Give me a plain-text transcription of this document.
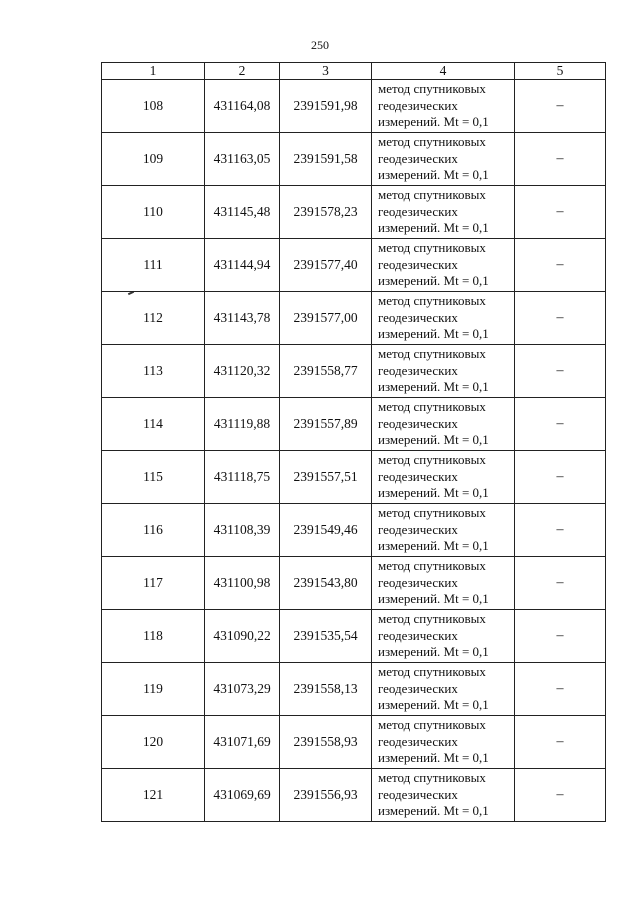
250
1	2	3	4	5
108	431164,08	2391591,98	метод спутниковых
геодезических
измерений. Mt = 0,1	–
109	431163,05	2391591,58	метод спутниковых
геодезических
измерений. Mt = 0,1	–
110	431145,48	2391578,23	метод спутниковых
геодезических
измерений. Mt = 0,1	–
111	431144,94	2391577,40	метод спутниковых
геодезических
измерений. Mt = 0,1	–
112	431143,78	2391577,00	метод спутниковых
геодезических
измерений. Mt = 0,1	–
113	431120,32	2391558,77	метод спутниковых
геодезических
измерений. Mt = 0,1	–
114	431119,88	2391557,89	метод спутниковых
геодезических
измерений. Mt = 0,1	–
115	431118,75	2391557,51	метод спутниковых
геодезических
измерений. Mt = 0,1	–
116	431108,39	2391549,46	метод спутниковых
геодезических
измерений. Mt = 0,1	–
117	431100,98	2391543,80	метод спутниковых
геодезических
измерений. Mt = 0,1	–
118	431090,22	2391535,54	метод спутниковых
геодезических
измерений. Mt = 0,1	–
119	431073,29	2391558,13	метод спутниковых
геодезических
измерений. Mt = 0,1	–
120	431071,69	2391558,93	метод спутниковых
геодезических
измерений. Mt = 0,1	–
121	431069,69	2391556,93	метод спутниковых
геодезических
измерений. Mt = 0,1	–
